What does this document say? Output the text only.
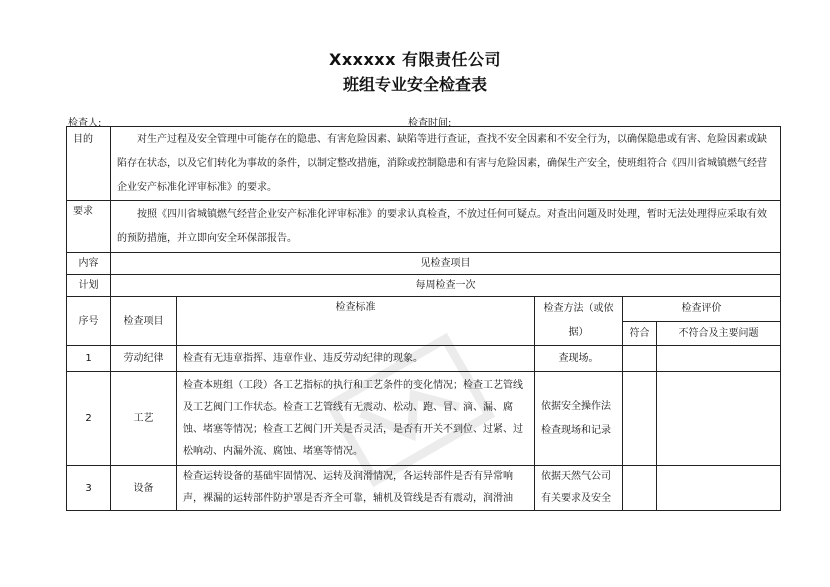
Xxxxxx 有限责任公司
班组专业安全检查表
检查人:	检查时间:
目的	对生产过程及安全管理中可能存在的隐患、有害危险因素、缺陷等进行查证，查找不安全因素和不安全行为，以确保隐患或有害、危险因素或缺陷存在状态，以及它们转化为事故的条件，以制定整改措施，消除或控制隐患和有害与危险因素，确保生产安全，使班组符合《四川省城镇燃气经营企业安产标准化评审标准》的要求。				
要求	按照《四川省城镇燃气经营企业安产标准化评审标准》的要求认真检查，不放过任何可疑点。对查出问题及时处理，暂时无法处理得应采取有效的预防措施，并立即向安全环保部报告。				
内容	见检查项目				
计划	每周检查一次				
序号	检查项目	检查标准	检查方法（或依据）	检查评价	
				符合	不符合及主要问题
1	劳动纪律	检查有无违章指挥、违章作业、违反劳动纪律的现象。	查现场。		
2	工艺	检查本班组（工段）各工艺指标的执行和工艺条件的变化情况；检查工艺管线及工艺阀门工作状态。检查工艺管线有无震动、松动、跑、冒、滴、漏、腐蚀、堵塞等情况；检查工艺阀门开关是否灵活，是否有开关不到位、过紧、过松响动、内漏外流、腐蚀、堵塞等情况。	依据安全操作法检查现场和记录		
3	设备	检查运转设备的基础牢固情况、运转及润滑情况，各运转部件是否有异常响声，裸漏的运转部件防护罩是否齐全可靠，辅机及管线是否有震动，润滑油	依据天然气公司有关要求及安全		
